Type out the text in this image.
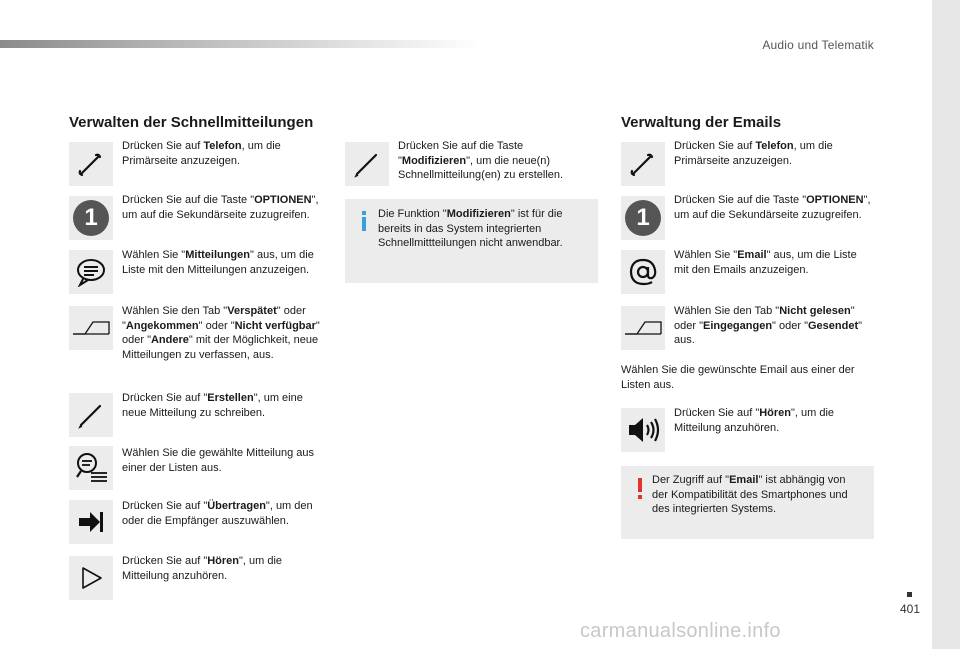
Audio und Telematik
401
carmanualsonline.info
Verwalten der Schnellmitteilungen
Drücken Sie auf Telefon, um die Primärseite anzuzeigen.
1
Drücken Sie auf die Taste "OPTIONEN", um auf die Sekundärseite zuzugreifen.
Wählen Sie "Mitteilungen" aus, um die Liste mit den Mitteilungen anzuzeigen.
Wählen Sie den Tab "Verspätet" oder "Angekommen" oder "Nicht verfügbar" oder "Andere" mit der Möglichkeit, neue Mitteilungen zu verfassen, aus.
Drücken Sie auf "Erstellen", um eine neue Mitteilung zu schreiben.
Wählen Sie die gewählte Mitteilung aus einer der Listen aus.
Drücken Sie auf "Übertragen", um den oder die Empfänger auszuwählen.
Drücken Sie auf "Hören", um die Mitteilung anzuhören.
Drücken Sie auf die Taste "Modifizieren", um die neue(n) Schnellmitteilung(en) zu erstellen.
Die Funktion "Modifizieren" ist für die bereits in das System integrierten Schnellmittteilungen nicht anwendbar.
Verwaltung der Emails
Drücken Sie auf Telefon, um die Primärseite anzuzeigen.
1
Drücken Sie auf die Taste "OPTIONEN", um auf die Sekundärseite zuzugreifen.
Wählen Sie "Email" aus, um die Liste mit den Emails anzuzeigen.
Wählen Sie den Tab "Nicht gelesen" oder "Eingegangen" oder "Gesendet" aus.
Wählen Sie die gewünschte Email aus einer der Listen aus.
Drücken Sie auf "Hören", um die Mitteilung anzuhören.
Der Zugriff auf "Email" ist abhängig von der Kompatibilität des Smartphones und des integrierten Systems.
